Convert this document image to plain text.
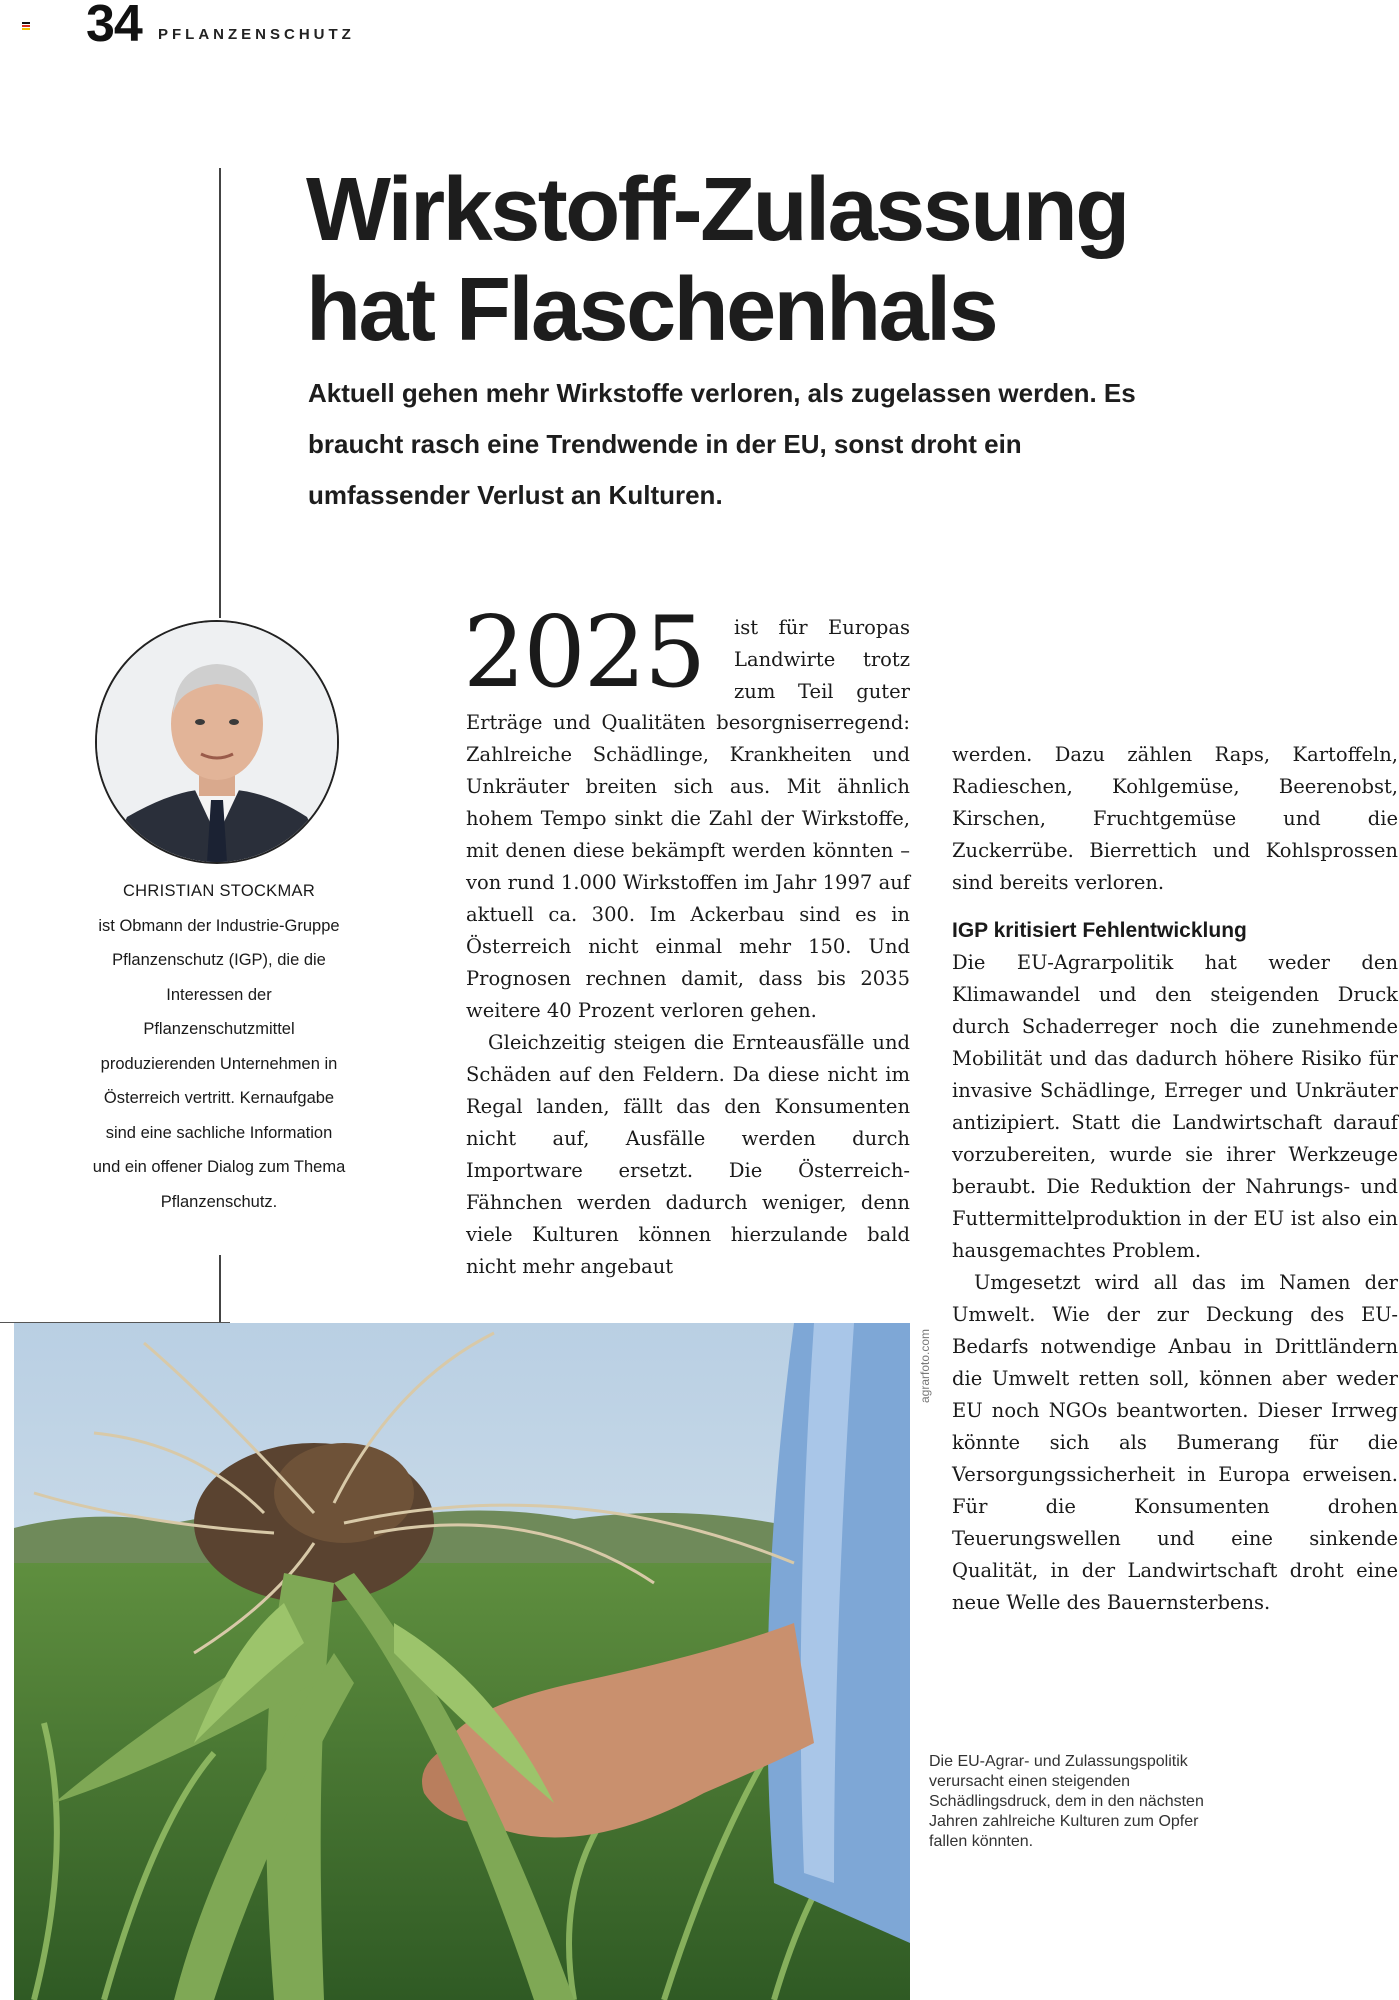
34 PFLANZENSCHUTZ
Wirkstoff-Zulassung
hat Flaschenhals
Aktuell gehen mehr Wirkstoffe verloren, als zugelassen werden. Es braucht rasch eine Trendwende in der EU, sonst droht ein umfassender Verlust an Kulturen.
CHRISTIAN STOCKMAR
ist Obmann der Industrie-Gruppe Pflanzenschutz (IGP), die die Interessen der Pflanzenschutzmittel produzierenden Unternehmen in Österreich vertritt. Kernaufgabe sind eine sachliche Information und ein offener Dialog zum Thema Pflanzenschutz.
2025 ist für Europas Landwirte trotz zum Teil guter

Erträge und Qualitäten besorgniserregend: Zahlreiche Schädlinge, Krankheiten und Unkräuter breiten sich aus. Mit ähnlich hohem Tempo sinkt die Zahl der Wirkstoffe, mit denen diese bekämpft werden könnten – von rund 1.000 Wirkstoffen im Jahr 1997 auf aktuell ca. 300. Im Ackerbau sind es in Österreich nicht einmal mehr 150. Und Prognosen rechnen damit, dass bis 2035 weitere 40 Prozent verloren gehen.

Gleichzeitig steigen die Ernteausfälle und Schäden auf den Feldern. Da diese nicht im Regal landen, fällt das den Konsumenten nicht auf, Ausfälle werden durch Importware ersetzt. Die Österreich-Fähnchen werden dadurch weniger, denn viele Kulturen können hierzulande bald nicht mehr angebaut

werden. Dazu zählen Raps, Kartoffeln, Radieschen, Kohlgemüse, Beerenobst, Kirschen, Fruchtgemüse und die Zuckerrübe. Bierrettich und Kohlsprossen sind bereits verloren.

IGP kritisiert Fehlentwicklung

Die EU-Agrarpolitik hat weder den Klimawandel und den steigenden Druck durch Schaderreger noch die zunehmende Mobilität und das dadurch höhere Risiko für invasive Schädlinge, Erreger und Unkräuter antizipiert. Statt die Landwirtschaft darauf vorzubereiten, wurde sie ihrer Werkzeuge beraubt. Die Reduktion der Nahrungs- und Futtermittelproduktion in der EU ist also ein hausgemachtes Problem.

Umgesetzt wird all das im Namen der Umwelt. Wie der zur Deckung des EU-Bedarfs notwendige Anbau in Drittländern die Umwelt retten soll, können aber weder EU noch NGOs beantworten. Dieser Irrweg könnte sich als Bumerang für die Versorgungssicherheit in Europa erweisen. Für die Konsumenten drohen Teuerungswellen und eine sinkende Qualität, in der Landwirtschaft droht eine neue Welle des Bauernsterbens.

agrarfoto.com
Die EU-Agrar- und Zulassungspolitik verursacht einen steigenden Schädlingsdruck, dem in den nächsten Jahren zahlreiche Kulturen zum Opfer fallen könnten.
